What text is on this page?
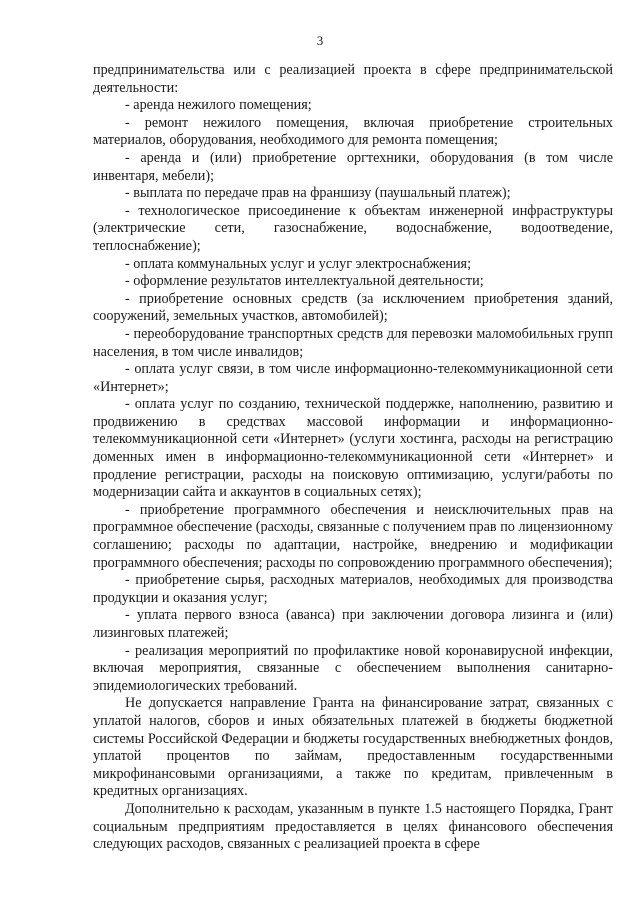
3

предпринимательства или с реализацией проекта в сфере предпринимательской деятельности:

- аренда нежилого помещения;

- ремонт нежилого помещения, включая приобретение строительных материалов, оборудования, необходимого для ремонта помещения;

- аренда и (или) приобретение оргтехники, оборудования (в том числе инвентаря, мебели);

- выплата по передаче прав на франшизу (паушальный платеж);

- технологическое присоединение к объектам инженерной инфраструктуры (электрические сети, газоснабжение, водоснабжение, водоотведение, теплоснабжение);

- оплата коммунальных услуг и услуг электроснабжения;

- оформление результатов интеллектуальной деятельности;

- приобретение основных средств (за исключением приобретения зданий, сооружений, земельных участков, автомобилей);

- переоборудование транспортных средств для перевозки маломобильных групп населения, в том числе инвалидов;

- оплата услуг связи, в том числе информационно-телекоммуникационной сети «Интернет»;

- оплата услуг по созданию, технической поддержке, наполнению, развитию и продвижению в средствах массовой информации и информационно-телекоммуникационной сети «Интернет» (услуги хостинга, расходы на регистрацию доменных имен в информационно-телекоммуникационной сети «Интернет» и продление регистрации, расходы на поисковую оптимизацию, услуги/работы по модернизации сайта и аккаунтов в социальных сетях);

- приобретение программного обеспечения и неисключительных прав на программное обеспечение (расходы, связанные с получением прав по лицензионному соглашению; расходы по адаптации, настройке, внедрению и модификации программного обеспечения; расходы по сопровождению программного обеспечения);

- приобретение сырья, расходных материалов, необходимых для производства продукции и оказания услуг;

- уплата первого взноса (аванса) при заключении договора лизинга и (или) лизинговых платежей;

- реализация мероприятий по профилактике новой коронавирусной инфекции, включая мероприятия, связанные с обеспечением выполнения санитарно-эпидемиологических требований.

Не допускается направление Гранта на финансирование затрат, связанных с уплатой налогов, сборов и иных обязательных платежей в бюджеты бюджетной системы Российской Федерации и бюджеты государственных внебюджетных фондов, уплатой процентов по займам, предоставленным государственными микрофинансовыми организациями, а также по кредитам, привлеченным в кредитных организациях.

Дополнительно к расходам, указанным в пункте 1.5 настоящего Порядка, Грант социальным предприятиям предоставляется в целях финансового обеспечения следующих расходов, связанных с реализацией проекта в сфере
